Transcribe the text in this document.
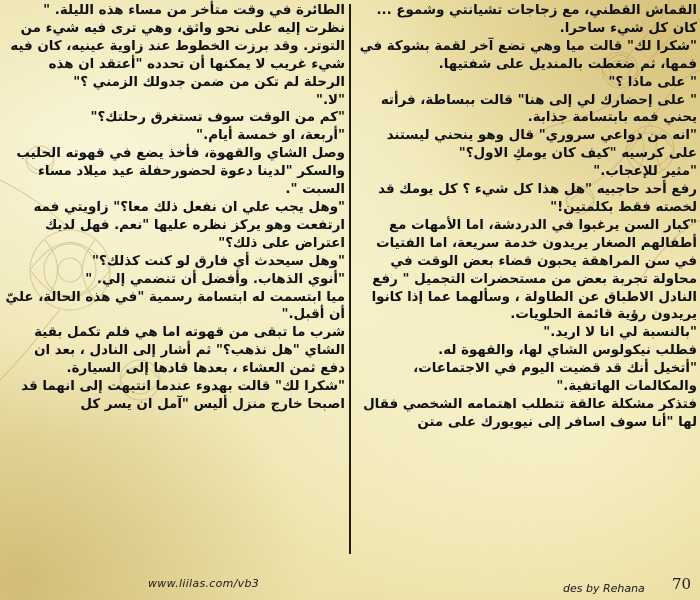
القماش القطني، مع زجاجات تشيانتي وشموع ... كان كل شيء ساحرا.

"شكرا لك" قالت ميا وهي تضع آخر لقمة بشوكة في فمها، ثم ضغطت بالمنديل على شفتيها.

" على ماذا ؟"

" على إحضارك لي إلى هنا" قالت ببساطة، فرأته يحني فمه بابتسامة جذابة.

"انه من دواعي سروري" قال وهو ينحني ليستند على كرسيه "كيف كان يومكِ الاول؟"

"مثير للإعجاب."

رفع أحد حاجبيه "هل هذا كل شيء ؟ كل يومك قد لخصته فقط بكلمتين!"

"كبار السن يرغبوا في الدردشة، اما الأمهات مع أطفالهم الصغار يريدون خدمة سريعة، اما الفتيات في سن المراهقة يحبون قضاء بعض الوقت في محاولة تجربة بعض من مستحضرات التجميل " رفع النادل الاطباق عن الطاولة ، وسألهما عما إذا كانوا يريدون رؤية قائمة الحلويات.

"بالنسبة لي انا لا اريد."

فطلب نيكولوس الشاي لها، والقهوة له.

"أتخيل أنك قد قضيت اليوم في الاجتماعات، والمكالمات الهاتفية."

فتذكر مشكلة عالقة تتطلب اهتمامه الشخصي فقال لها "أنا سوف اسافر إلى نيويورك على متن

الطائرة في وقت متأخر من مساء هذه الليلة. " نظرت إليه على نحو واثق، وهي ترى فيه شيء من التوتر. وقد برزت الخطوط عند زاوية عينيه، كان فيه شيء غريب لا يمكنها أن تحدده "أعتقد ان هذه الرحلة لم تكن من ضمن جدولك الزمني ؟"

"لا."

"كم من الوقت سوف تستغرق رحلتك؟"

"أربعة، او خمسة أيام."

وصل الشاي والقهوة، فأخذ يضع في قهوته الحليب والسكر "لدينا دعوة لحضورحفلة عيد ميلاد مساء السبت ".

"وهل يجب علي ان نفعل ذلك معا؟" زاويتي فمه ارتفعت وهو يركز نظره عليها "نعم. فهل لديك اعتراض على ذلك؟"

"وهل سيحدث أي فارق لو كنت كذلك؟"

"أنوي الذهاب. وأفضل أن تنضمي إلي. "

ميا ابتسمت له ابتسامة رسمية "في هذه الحالة، عليّ أن أقبل."

شرب ما تبقى من قهوته اما هي فلم تكمل بقية الشاي "هل نذهب؟" ثم أشار إلى النادل ، بعد ان دفع ثمن العشاء ، بعدها قادها إلى السيارة.

"شكرا لك" قالت بهدوء عندما انتبهت إلى انهما قد اصبحا خارج منزل أليس "آمل ان يسر كل

www.liilas.com/vb3	des by Rehana 70
